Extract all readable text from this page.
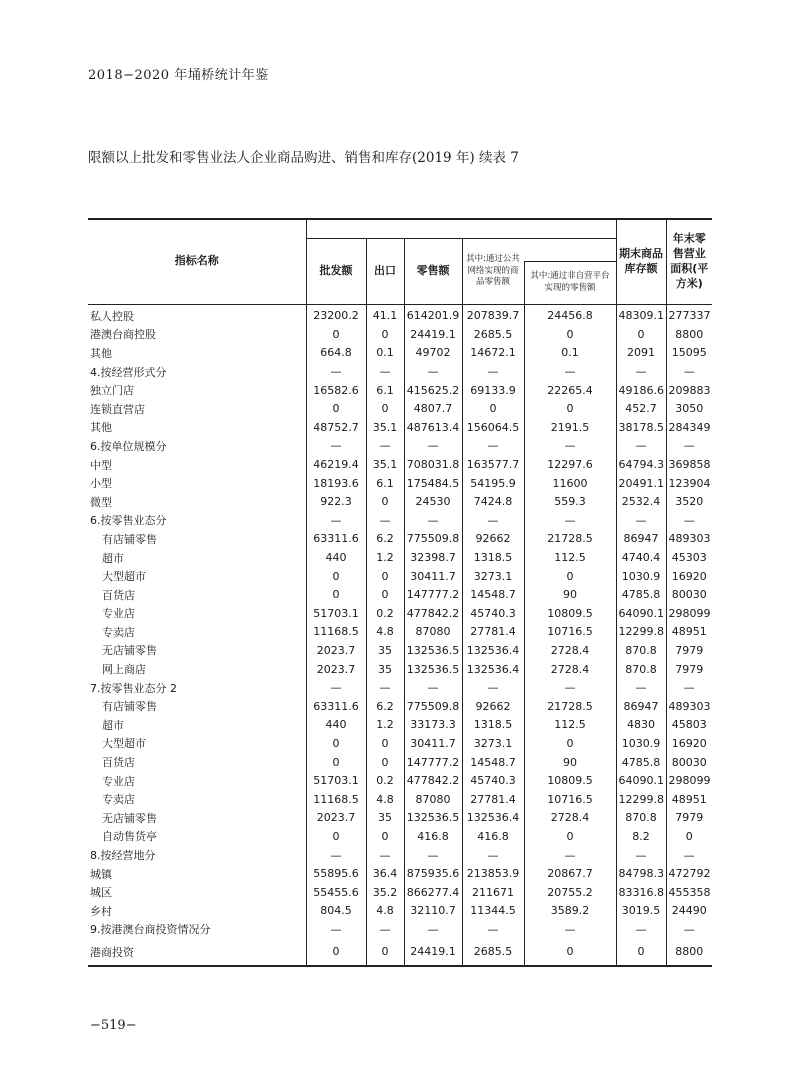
2018−2020 年埇桥统计年鉴
限额以上批发和零售业法人企业商品购进、销售和库存(2019 年) 续表 7
指标名称						期末商品库存额	年末零售营业面积(平方米)
	批发额	出口	零售额	其中:通过公共网络实现的商品零售额			

					其中:通过非自营平台实现的零售额		
私人控股	23200.2	41.1	614201.9	207839.7	24456.8	48309.1	277337
港澳台商控股	0	0	24419.1	2685.5	0	0	8800
其他	664.8	0.1	49702	14672.1	0.1	2091	15095
4.按经营形式分	—	—	—	—	—	—	—
独立门店	16582.6	6.1	415625.2	69133.9	22265.4	49186.6	209883
连锁直营店	0	0	4807.7	0	0	452.7	3050
其他	48752.7	35.1	487613.4	156064.5	2191.5	38178.5	284349
6.按单位规模分	—	—	—	—	—	—	—
中型	46219.4	35.1	708031.8	163577.7	12297.6	64794.3	369858
小型	18193.6	6.1	175484.5	54195.9	11600	20491.1	123904
微型	922.3	0	24530	7424.8	559.3	2532.4	3520
6.按零售业态分	—	—	—	—	—	—	—
有店铺零售	63311.6	6.2	775509.8	92662	21728.5	86947	489303
超市	440	1.2	32398.7	1318.5	112.5	4740.4	45303
大型超市	0	0	30411.7	3273.1	0	1030.9	16920
百货店	0	0	147777.2	14548.7	90	4785.8	80030
专业店	51703.1	0.2	477842.2	45740.3	10809.5	64090.1	298099
专卖店	11168.5	4.8	87080	27781.4	10716.5	12299.8	48951
无店铺零售	2023.7	35	132536.5	132536.4	2728.4	870.8	7979
网上商店	2023.7	35	132536.5	132536.4	2728.4	870.8	7979
7.按零售业态分 2	—	—	—	—	—	—	—
有店铺零售	63311.6	6.2	775509.8	92662	21728.5	86947	489303
超市	440	1.2	33173.3	1318.5	112.5	4830	45803
大型超市	0	0	30411.7	3273.1	0	1030.9	16920
百货店	0	0	147777.2	14548.7	90	4785.8	80030
专业店	51703.1	0.2	477842.2	45740.3	10809.5	64090.1	298099
专卖店	11168.5	4.8	87080	27781.4	10716.5	12299.8	48951
无店铺零售	2023.7	35	132536.5	132536.4	2728.4	870.8	7979
自动售货亭	0	0	416.8	416.8	0	8.2	0
8.按经营地分	—	—	—	—	—	—	—
城镇	55895.6	36.4	875935.6	213853.9	20867.7	84798.3	472792
城区	55455.6	35.2	866277.4	211671	20755.2	83316.8	455358
乡村	804.5	4.8	32110.7	11344.5	3589.2	3019.5	24490
9.按港澳台商投资情况分	—	—	—	—	—	—	—
港商投资	0	0	24419.1	2685.5	0	0	8800
−519−
